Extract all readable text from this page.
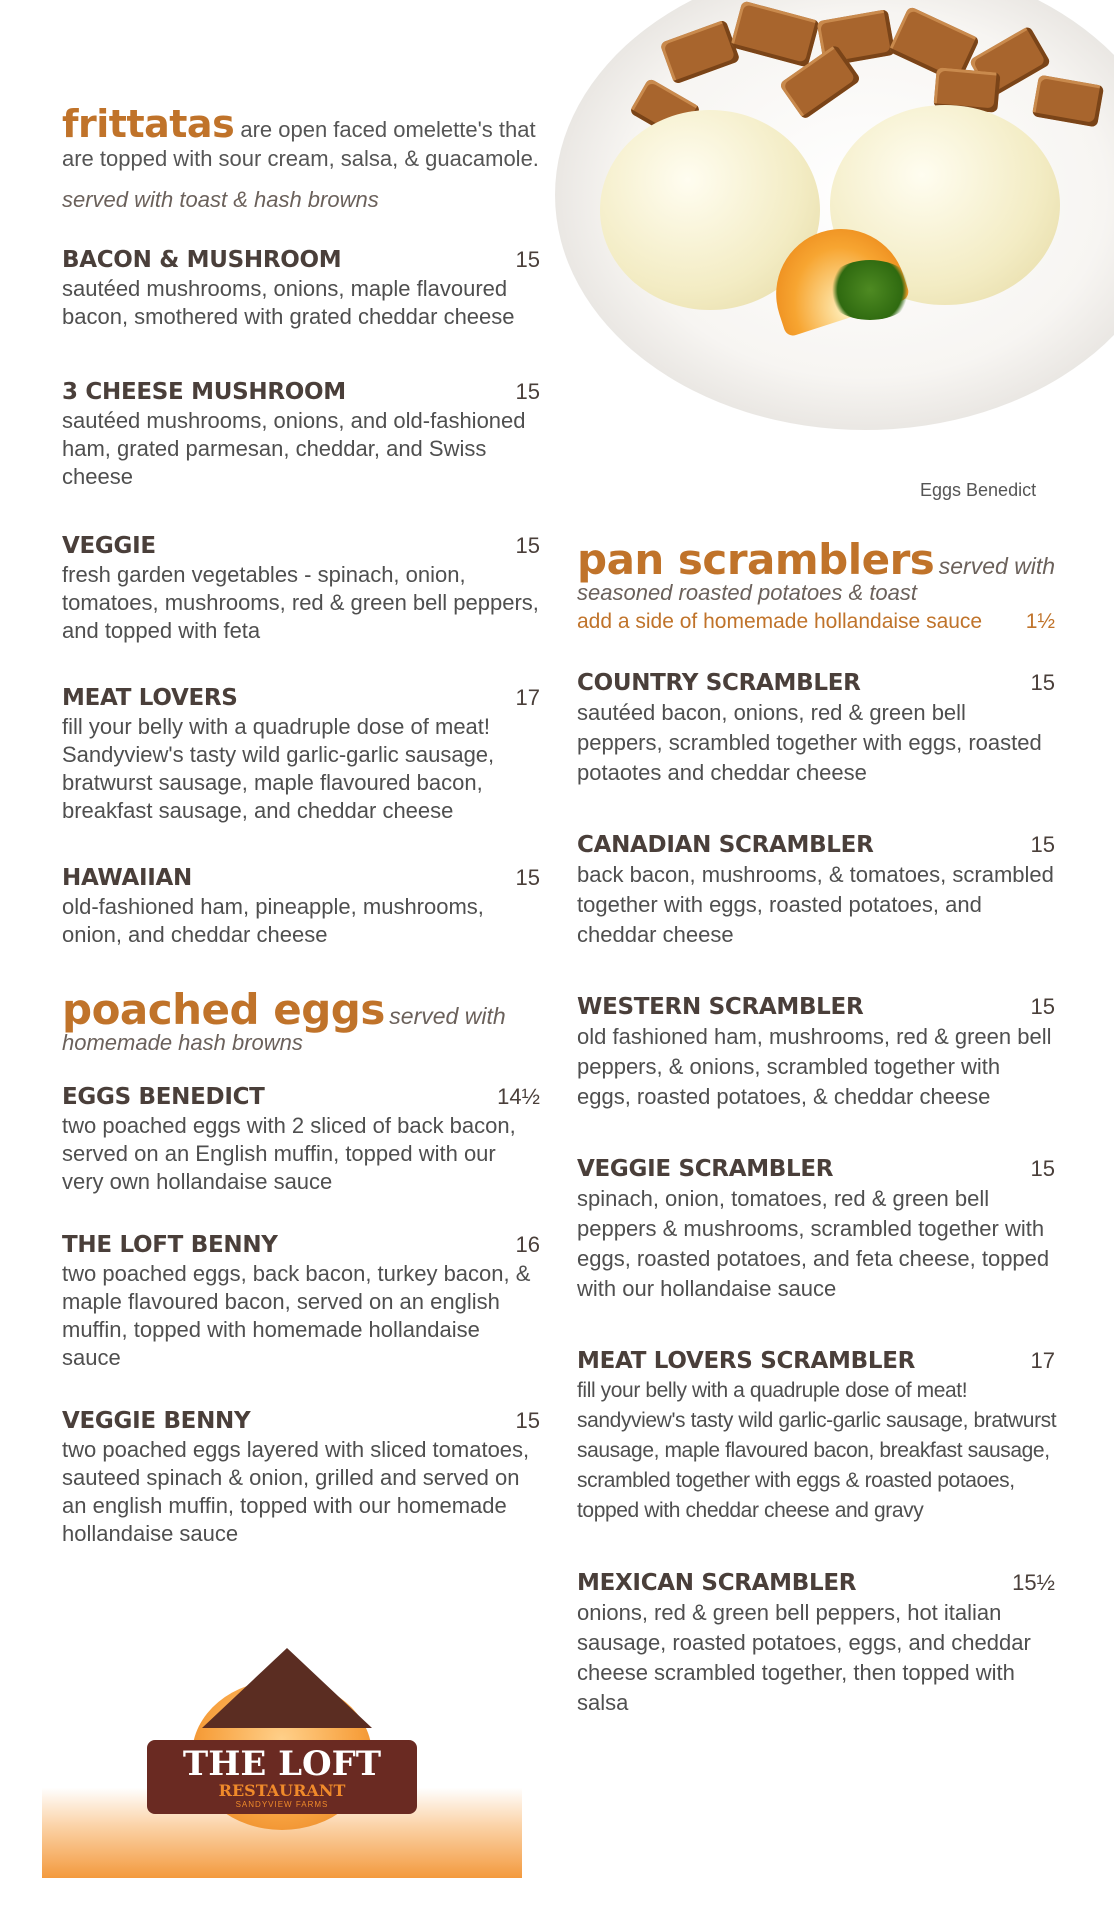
Eggs Benedict
frittatas are open faced omelette's that are topped with sour cream, salsa, & guacamole.
served with toast & hash browns
BACON & MUSHROOM	15
sautéed mushrooms, onions, maple flavoured bacon, smothered with grated cheddar cheese
3 CHEESE MUSHROOM	15
sautéed mushrooms, onions, and old-fashioned ham, grated parmesan, cheddar, and Swiss cheese
VEGGIE	15
fresh garden vegetables - spinach, onion, tomatoes, mushrooms, red & green bell peppers, and topped with feta
MEAT LOVERS	17
fill your belly with a quadruple dose of meat! Sandyview's tasty wild garlic-garlic sausage, bratwurst sausage, maple flavoured bacon, breakfast sausage, and cheddar cheese
HAWAIIAN	15
old-fashioned ham, pineapple, mushrooms, onion, and cheddar cheese
poached eggs served with
homemade hash browns
EGGS BENEDICT	14½
two poached eggs with 2 sliced of back bacon, served on an English muffin, topped with our very own hollandaise sauce
THE LOFT BENNY	16
two poached eggs, back bacon, turkey bacon, & maple flavoured bacon, served on an english muffin, topped with homemade hollandaise sauce
VEGGIE BENNY	15
two poached eggs layered with sliced tomatoes, sauteed spinach & onion, grilled and served on an english muffin, topped with our homemade hollandaise sauce
pan scramblers served with
seasoned roasted potatoes & toast
add a side of homemade hollandaise sauce 1½
COUNTRY SCRAMBLER	15
sautéed bacon, onions, red & green bell peppers, scrambled together with eggs, roasted potaotes and cheddar cheese
CANADIAN SCRAMBLER	15
back bacon, mushrooms, & tomatoes, scrambled together with eggs, roasted potatoes, and cheddar cheese
WESTERN SCRAMBLER	15
old fashioned ham, mushrooms, red & green bell peppers, & onions, scrambled together with eggs, roasted potatoes, & cheddar cheese
VEGGIE SCRAMBLER	15
spinach, onion, tomatoes, red & green bell peppers & mushrooms, scrambled together with eggs, roasted potatoes, and feta cheese, topped with our hollandaise sauce
MEAT LOVERS SCRAMBLER	17
fill your belly with a quadruple dose of meat! sandyview's tasty wild garlic-garlic sausage, bratwurst sausage, maple flavoured bacon, breakfast sausage, scrambled together with eggs & roasted potaoes, topped with cheddar cheese and gravy
MEXICAN SCRAMBLER	15½
onions, red & green bell peppers, hot italian sausage, roasted potatoes, eggs, and cheddar cheese scrambled together, then topped with salsa
THE LOFT
RESTAURANT
SANDYVIEW FARMS
